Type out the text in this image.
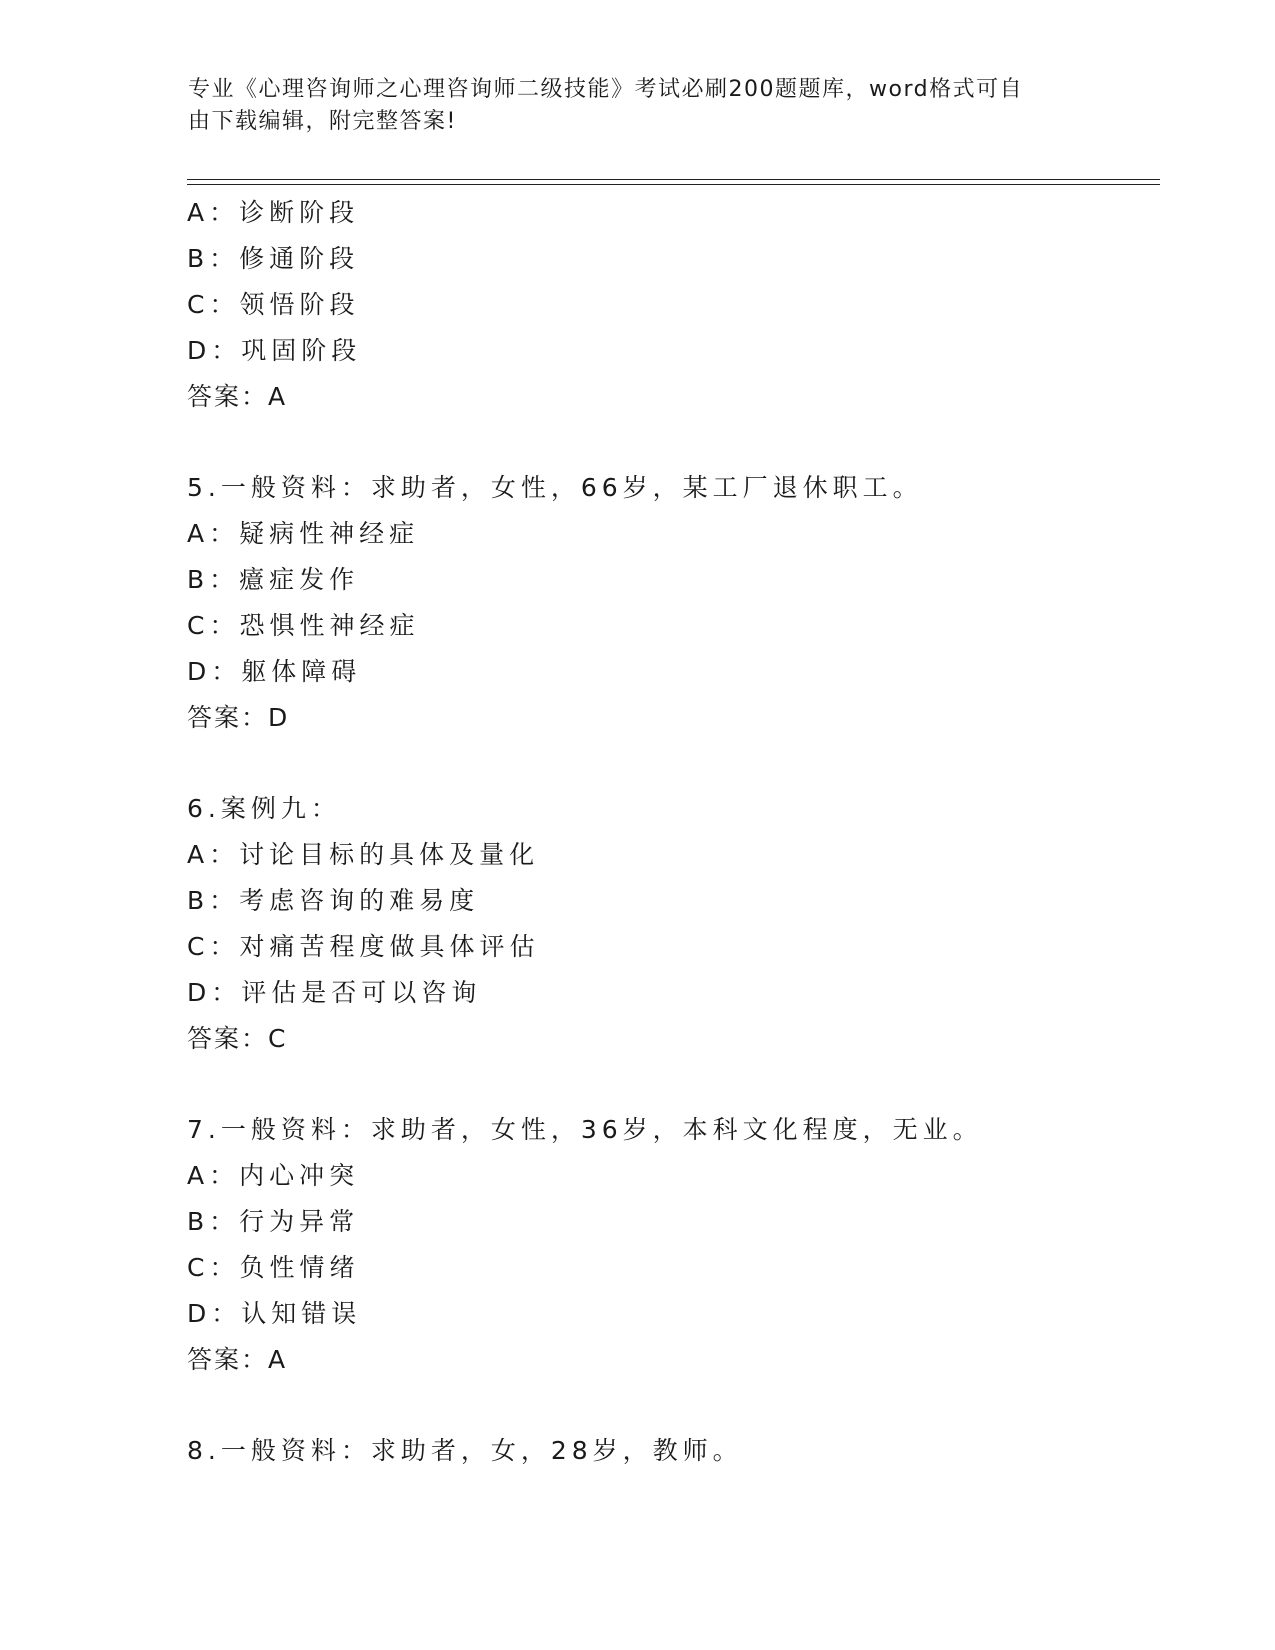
专业《心理咨询师之心理咨询师二级技能》考试必刷200题题库，word格式可自
由下载编辑，附完整答案!
A：诊断阶段
B：修通阶段
C：领悟阶段
D：巩固阶段
答案：A
5.一般资料：求助者，女性，66岁，某工厂退休职工。
A：疑病性神经症
B：癔症发作
C：恐惧性神经症
D：躯体障碍
答案：D
6.案例九：
A：讨论目标的具体及量化
B：考虑咨询的难易度
C：对痛苦程度做具体评估
D：评估是否可以咨询
答案：C
7.一般资料：求助者，女性，36岁，本科文化程度，无业。
A：内心冲突
B：行为异常
C：负性情绪
D：认知错误
答案：A
8.一般资料：求助者，女，28岁，教师。
